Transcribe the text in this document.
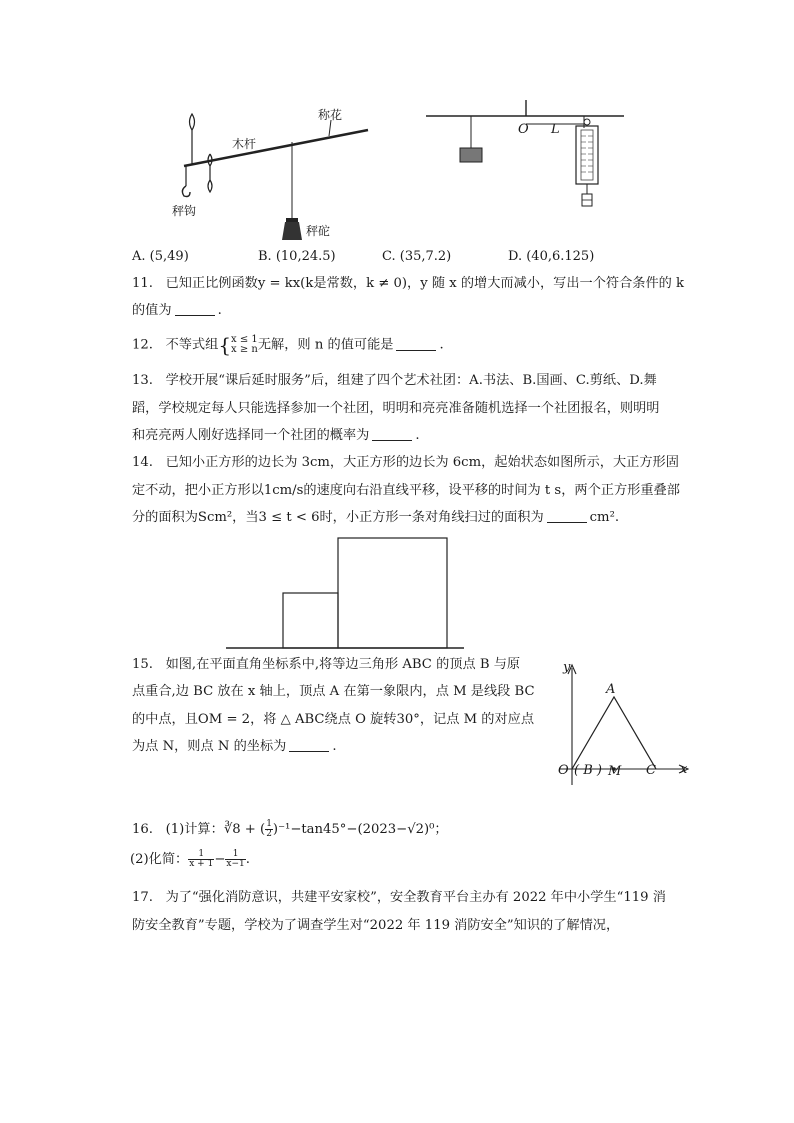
木杆
称花
秤钩
秤砣
O L
A. (5,49)	B. (10,24.5)	C. (35,7.2)	D. (40,6.125)
11. 已知正比例函数y = kx(k是常数，k ≠ 0)，y 随 x 的增大而减小，写出一个符合条件的 k
的值为	.
12. 不等式组{ x ≤ 1
x ≥ n 无解，则 n 的值可能是	.
13. 学校开展“课后延时服务”后，组建了四个艺术社团：A.书法、B.国画、C.剪纸、D.舞
蹈，学校规定每人只能选择参加一个社团，明明和亮亮准备随机选择一个社团报名，则明明
和亮亮两人刚好选择同一个社团的概率为	.
14. 已知小正方形的边长为 3cm，大正方形的边长为 6cm，起始状态如图所示，大正方形固
定不动，把小正方形以1cm/s的速度向右沿直线平移，设平移的时间为 t s，两个正方形重叠部
分的面积为Scm²，当3 ≤ t < 6时，小正方形一条对角线扫过的面积为	cm².
15. 如图,在平面直角坐标系中,将等边三角形 ABC 的顶点 B 与原
点重合,边 BC 放在 x 轴上，顶点 A 在第一象限内，点 M 是线段 BC
的中点，且OM = 2，将 △ ABC绕点 O 旋转30°，记点 M 的对应点
为点 N，则点 N 的坐标为	.
y
x
A
O ( B ) M C
16. (1)计算：∛8 + ( $\frac{1}{2} )^{-1}-\tan 45^\circ-(2023-√2)^0$；
(2)化简： $\frac{1}{x + 1} - \frac{1}{x-1}$ .
17. 为了“强化消防意识，共建平安家校”，安全教育平台主办有 2022 年中小学生“119 消
防安全教育”专题，学校为了调查学生对“2022 年 119 消防安全”知识的了解情况，
